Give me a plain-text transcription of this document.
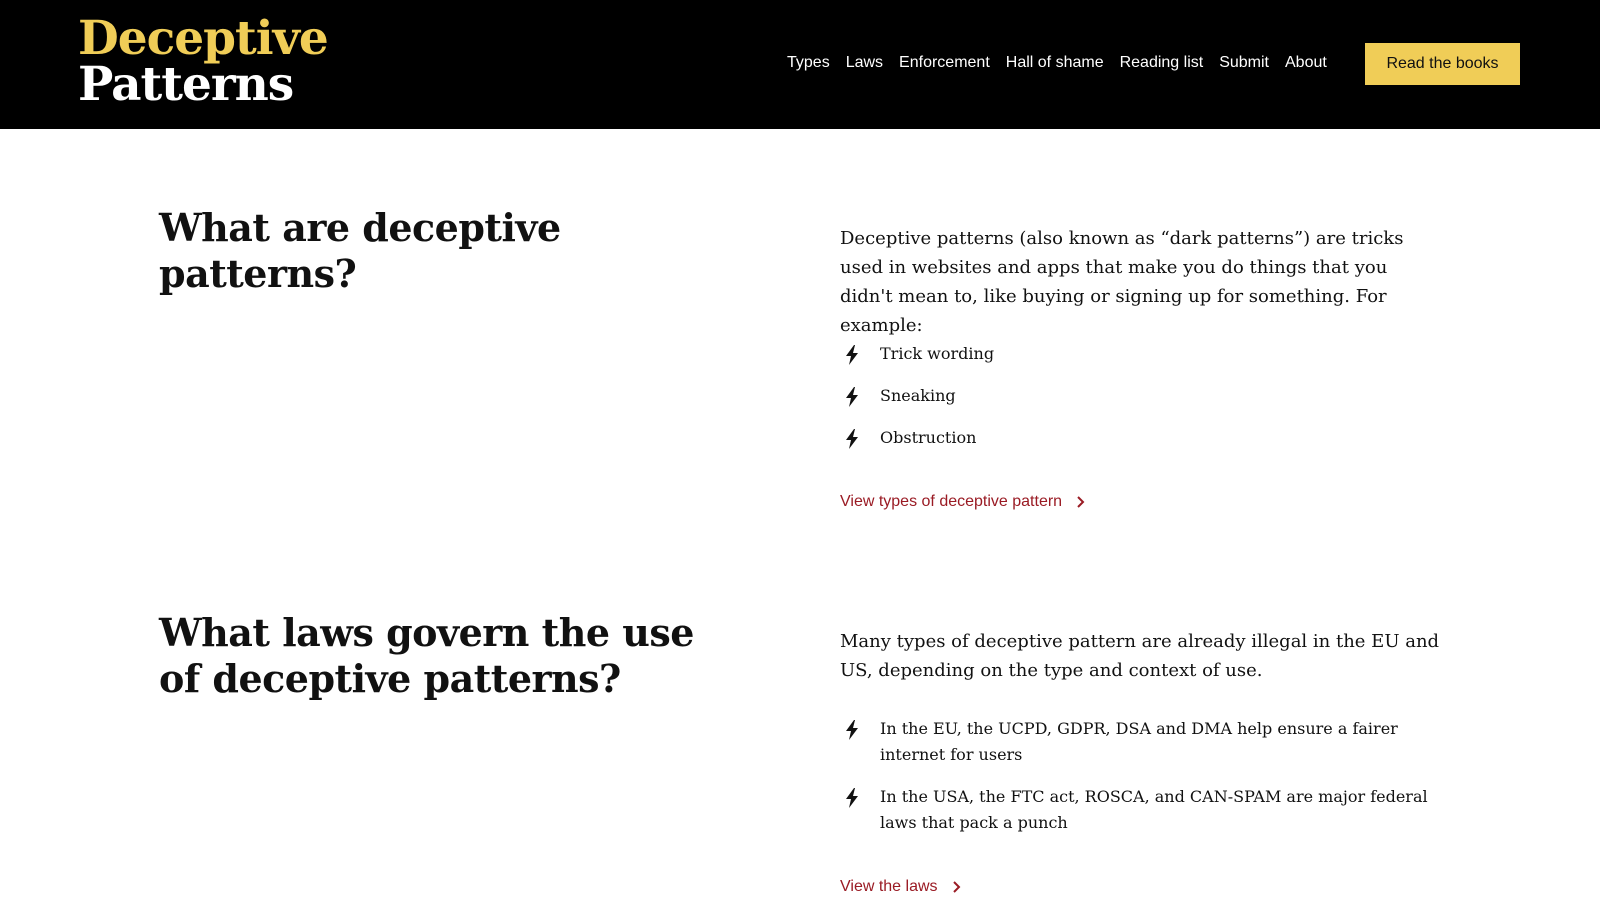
Deceptive
Patterns	Types Laws Enforcement Hall of shame Reading list Submit About	Read the books
What are deceptive patterns?

Deceptive patterns (also known as “dark patterns”) are tricks used in websites and apps that make you do things that you didn't mean to, like buying or signing up for something. For example:

Trick wording
Sneaking
Obstruction
View types of deceptive pattern
What laws govern the use of deceptive patterns?

Many types of deceptive pattern are already illegal in the EU and US, depending on the type and context of use.

In the EU, the UCPD, GDPR, DSA and DMA help ensure a fairer internet for users
In the USA, the FTC act, ROSCA, and CAN-SPAM are major federal laws that pack a punch
View the laws
